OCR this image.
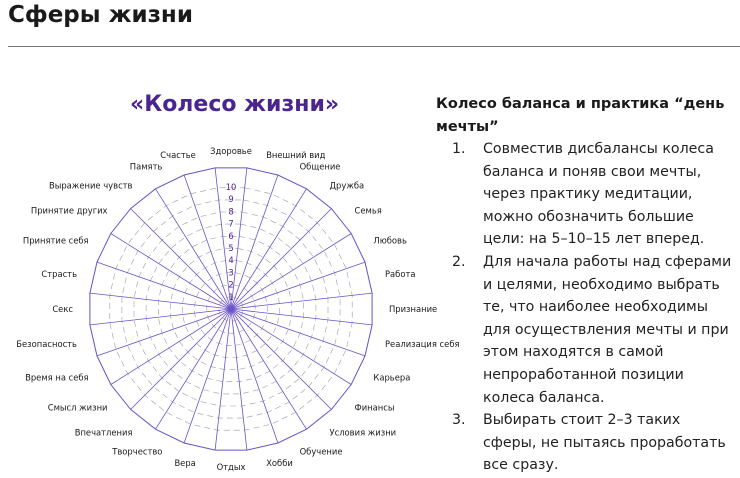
Сферы жизни
«Колесо жизни»
1
2
3
4
5
6
7
8
9
10
Здоровье Внешний вид
Общение
Дружба
Семья
Любовь
Работа
Признание
Реализация себя
Карьера
Финансы
Условия жизни
Обучение
Хобби
Отдых
Вера
Творчество
Впечатления
Смысл жизни
Время на себя
Безопасность
Секс
Страсть
Принятие себя
Принятие других
Выражение чувств
Память
Счастье
Колесо баланса и практика “день мечты”
1. Совместив дисбалансы колеса баланса и поняв свои мечты, через практику медитации, можно обозначить большие цели: на 5–10–15 лет вперед.
2. Для начала работы над сферами и целями, необходимо выбрать те, что наиболее необходимы для осуществления мечты и при этом находятся в самой непроработанной позиции колеса баланса.
3. Выбирать стоит 2–3 таких сферы, не пытаясь проработать все сразу.
